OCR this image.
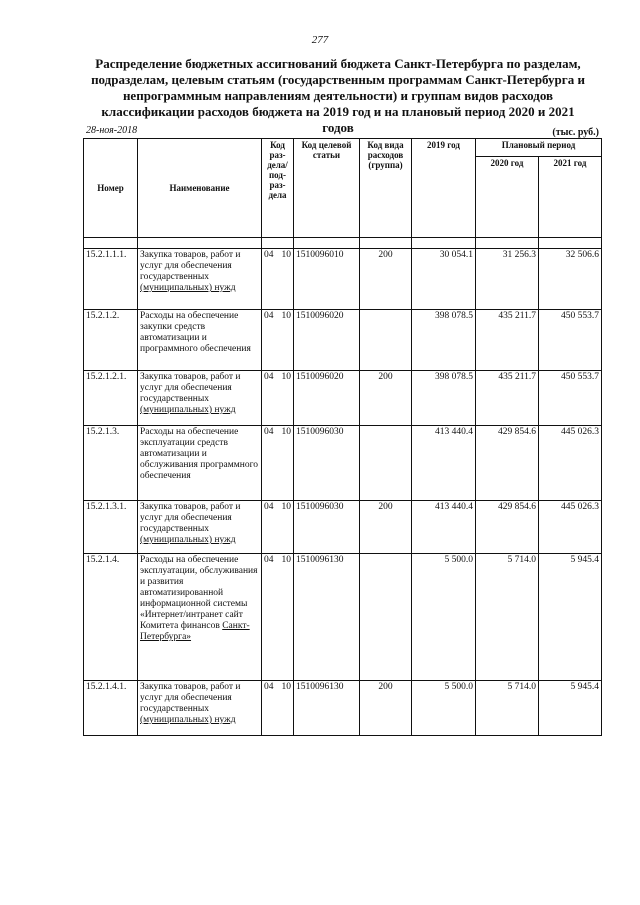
277
Распределение бюджетных ассигнований бюджета Санкт-Петербурга по разделам, подразделам, целевым статьям (государственным программам Санкт-Петербурга и непрограммным направлениям деятельности) и группам видов расходов классификации расходов бюджета на 2019 год и на плановый период 2020 и 2021 годов
28-ноя-2018	(тыс. руб.)
Номер	Наименование	Код раз-дела/ под-раз-дела	Код целевой статьи	Код вида расходов (группа)	2019 год	Плановый период	
						2020 год	2021 год

15.2.1.1.1.	Закупка товаров, работ и услуг для обеспечения государственных (муниципальных) нужд	04 10	1510096010	200	30 054.1	31 256.3	32 506.6
15.2.1.2.	Расходы на обеспечение закупки средств автоматизации и программного обеспечения	04 10	1510096020		398 078.5	435 211.7	450 553.7
15.2.1.2.1.	Закупка товаров, работ и услуг для обеспечения государственных (муниципальных) нужд	04 10	1510096020	200	398 078.5	435 211.7	450 553.7
15.2.1.3.	Расходы на обеспечение эксплуатации средств автоматизации и обслуживания программного обеспечения	04 10	1510096030		413 440.4	429 854.6	445 026.3
15.2.1.3.1.	Закупка товаров, работ и услуг для обеспечения государственных (муниципальных) нужд	04 10	1510096030	200	413 440.4	429 854.6	445 026.3
15.2.1.4.	Расходы на обеспечение эксплуатации, обслуживания и развития автоматизированной информационной системы «Интернет/интранет сайт Комитета финансов Санкт-Петербурга»	04 10	1510096130		5 500.0	5 714.0	5 945.4
15.2.1.4.1.	Закупка товаров, работ и услуг для обеспечения государственных (муниципальных) нужд	04 10	1510096130	200	5 500.0	5 714.0	5 945.4
